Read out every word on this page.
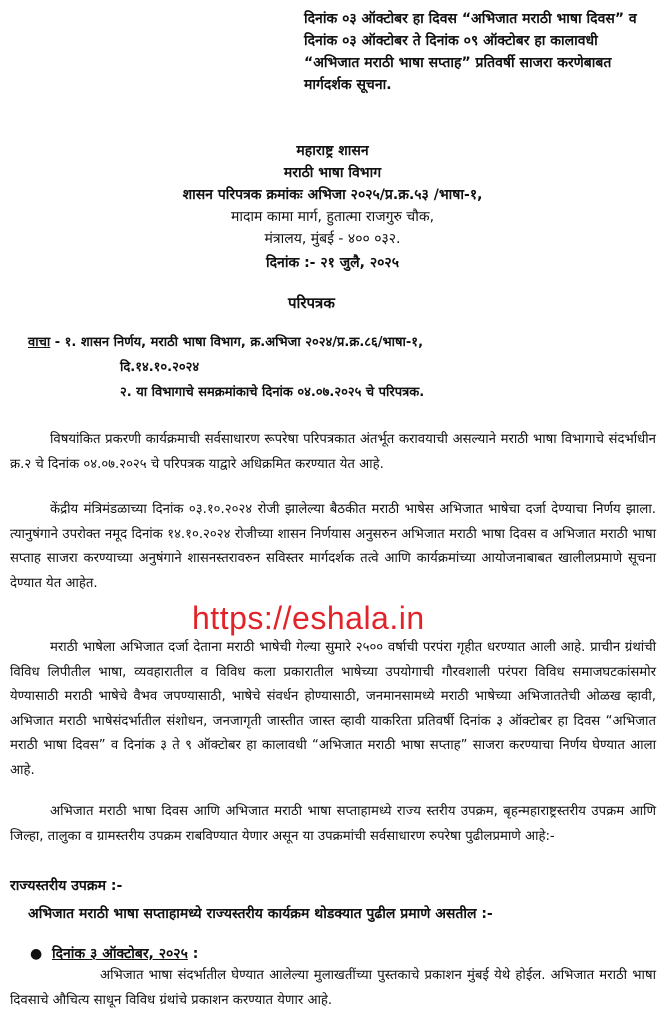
दिनांक ०३ ऑक्टोबर हा दिवस “अभिजात मराठी भाषा दिवस” व दिनांक ०३ ऑक्टोबर ते दिनांक ०९ ऑक्टोबर हा कालावधी “अभिजात मराठी भाषा सप्ताह” प्रतिवर्षी साजरा करणेबाबत मार्गदर्शक सूचना.
महाराष्ट्र शासन
मराठी भाषा विभाग
शासन परिपत्रक क्रमांकः अभिजा २०२५/प्र.क्र.५३ /भाषा-१,
मादाम कामा मार्ग, हुतात्मा राजगुरु चौक,
मंत्रालय, मुंबई - ४०० ०३२.
दिनांक :- २१ जुलै, २०२५
परिपत्रक
वाचा - १. शासन निर्णय, मराठी भाषा विभाग, क्र.अभिजा २०२४/प्र.क्र.८६/भाषा-१,
दि.१४.१०.२०२४
२. या विभागाचे समक्रमांकाचे दिनांक ०४.०७.२०२५ चे परिपत्रक.
विषयांकित प्रकरणी कार्यक्रमाची सर्वसाधारण रूपरेषा परिपत्रकात अंतर्भूत करावयाची असल्याने मराठी भाषा विभागाचे संदर्भाधीन क्र.२ चे दिनांक ०४.०७.२०२५ चे परिपत्रक याद्वारे अधिक्रमित करण्यात येत आहे.
केंद्रीय मंत्रिमंडळाच्या दिनांक ०३.१०.२०२४ रोजी झालेल्या बैठकीत मराठी भाषेस अभिजात भाषेचा दर्जा देण्याचा निर्णय झाला. त्यानुषंगाने उपरोक्त नमूद दिनांक १४.१०.२०२४ रोजीच्या शासन निर्णयास अनुसरुन अभिजात मराठी भाषा दिवस व अभिजात मराठी भाषा सप्ताह साजरा करण्याच्या अनुषंगाने शासनस्तरावरुन सविस्तर मार्गदर्शक तत्वे आणि कार्यक्रमांच्या आयोजनाबाबत खालीलप्रमाणे सूचना देण्यात येत आहेत.
https://eshala.in
मराठी भाषेला अभिजात दर्जा देताना मराठी भाषेची गेल्या सुमारे २५०० वर्षाची परपंरा गृहीत धरण्यात आली आहे. प्राचीन ग्रंथांची विविध लिपीतील भाषा, व्यवहारातील व विविध कला प्रकारातील भाषेच्या उपयोगाची गौरवशाली परंपरा विविध समाजघटकांसमोर येण्यासाठी मराठी भाषेचे वैभव जपण्यासाठी, भाषेचे संवर्धन होण्यासाठी, जनमानसामध्ये मराठी भाषेच्या अभिजाततेची ओळख व्हावी, अभिजात मराठी भाषेसंदर्भातील संशोधन, जनजागृती जास्तीत जास्त व्हावी याकरिता प्रतिवर्षी दिनांक ३ ऑक्टोबर हा दिवस “अभिजात मराठी भाषा दिवस” व दिनांक ३ ते ९ ऑक्टोबर हा कालावधी “अभिजात मराठी भाषा सप्ताह” साजरा करण्याचा निर्णय घेण्यात आला आहे.
अभिजात मराठी भाषा दिवस आणि अभिजात मराठी भाषा सप्ताहामध्ये राज्य स्तरीय उपक्रम, बृहन्महाराष्ट्रस्तरीय उपक्रम आणि जिल्हा, तालुका व ग्रामस्तरीय उपक्रम राबविण्यात येणार असून या उपक्रमांची सर्वसाधारण रुपरेषा पुढीलप्रमाणे आहे:-
राज्यस्तरीय उपक्रम :-
अभिजात मराठी भाषा सप्ताहामध्ये राज्यस्तरीय कार्यक्रम थोडक्यात पुढील प्रमाणे असतील :-
● दिनांक ३ ऑक्टोबर, २०२५ :
अभिजात भाषा संदर्भातील घेण्यात आलेल्या मुलाखतींच्या पुस्तकाचे प्रकाशन मुंबई येथे होईल. अभिजात मराठी भाषा दिवसाचे औचित्य साधून विविध ग्रंथांचे प्रकाशन करण्यात येणार आहे.
